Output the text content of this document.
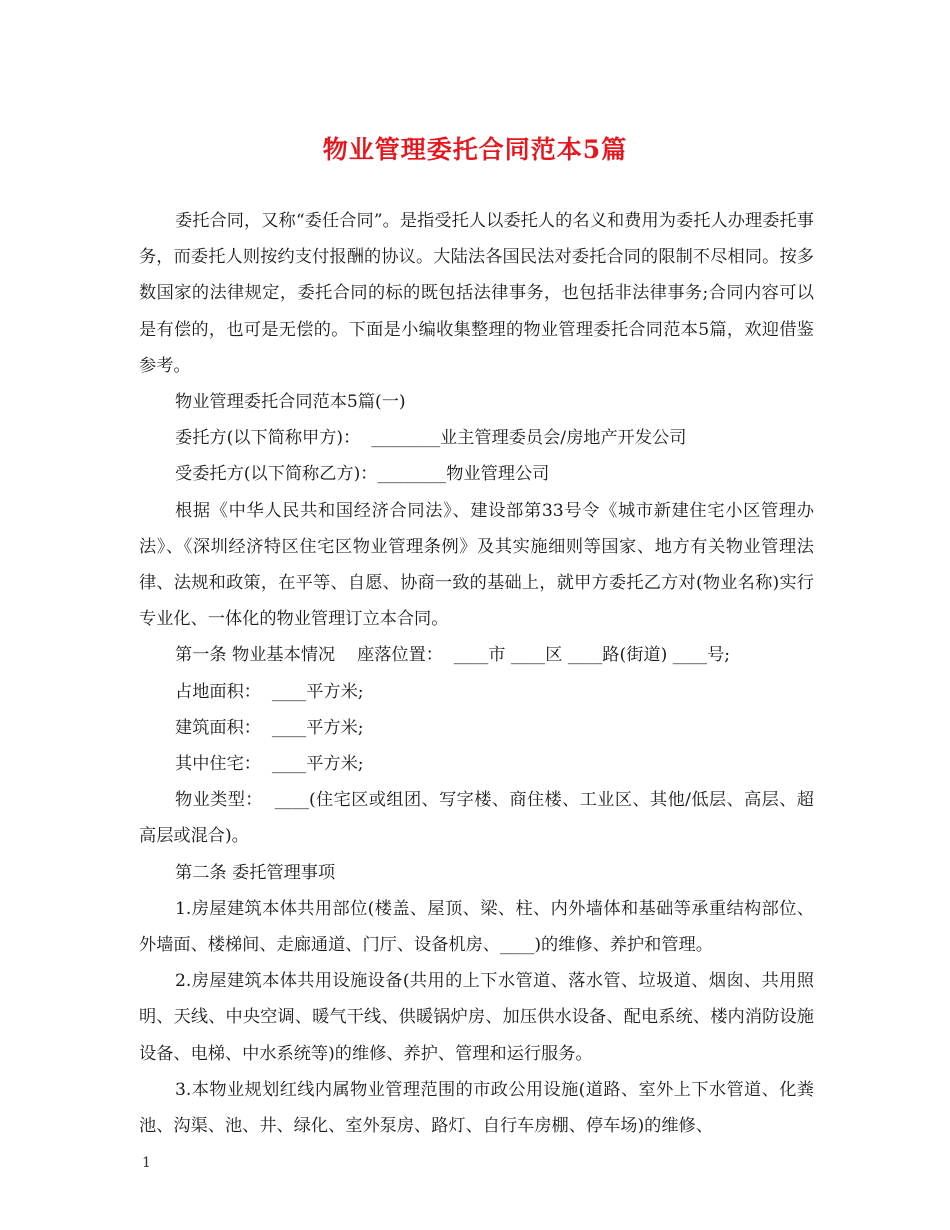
物业管理委托合同范本5篇

委托合同，又称“委任合同”。是指受托人以委托人的名义和费用为委托人办理委托事务，而委托人则按约支付报酬的协议。大陆法各国民法对委托合同的限制不尽相同。按多数国家的法律规定，委托合同的标的既包括法律事务，也包括非法律事务;合同内容可以是有偿的，也可是无偿的。下面是小编收集整理的物业管理委托合同范本5篇，欢迎借鉴参考。

物业管理委托合同范本5篇(一)

委托方(以下简称甲方)：  ________业主管理委员会/房地产开发公司

受委托方(以下简称乙方)：________物业管理公司

根据《中华人民共和国经济合同法》、建设部第33号令《城市新建住宅小区管理办法》、《深圳经济特区住宅区物业管理条例》及其实施细则等国家、地方有关物业管理法律、法规和政策，在平等、自愿、协商一致的基础上，就甲方委托乙方对(物业名称)实行专业化、一体化的物业管理订立本合同。

第一条 物业基本情况    座落位置：  ____市 ____区 ____路(街道) ____号;

占地面积：  ____平方米;

建筑面积：  ____平方米;

其中住宅：  ____平方米;

物业类型：  ____(住宅区或组团、写字楼、商住楼、工业区、其他/低层、高层、超高层或混合)。

第二条 委托管理事项

1.房屋建筑本体共用部位(楼盖、屋顶、梁、柱、内外墙体和基础等承重结构部位、外墙面、楼梯间、走廊通道、门厅、设备机房、____)的维修、养护和管理。

2.房屋建筑本体共用设施设备(共用的上下水管道、落水管、垃圾道、烟囱、共用照明、天线、中央空调、暖气干线、供暖锅炉房、加压供水设备、配电系统、楼内消防设施设备、电梯、中水系统等)的维修、养护、管理和运行服务。

3.本物业规划红线内属物业管理范围的市政公用设施(道路、室外上下水管道、化粪池、沟渠、池、井、绿化、室外泵房、路灯、自行车房棚、停车场)的维修、

1
